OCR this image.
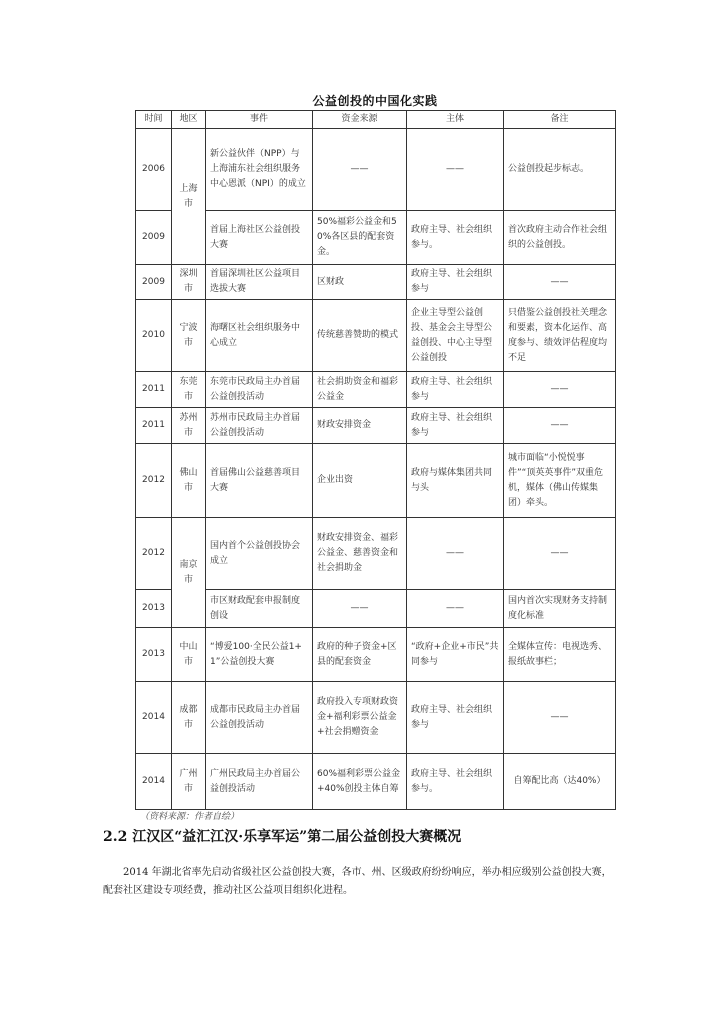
公益创投的中国化实践
时间	地区	事件	资金来源	主体	备注
2006	上海市	新公益伙伴（NPP）与上海浦东社会组织服务中心恩派（NPI）的成立	——	——	公益创投起步标志。
2009		首届上海社区公益创投大赛	50%福彩公益金和50%各区县的配套资金。	政府主导、社会组织参与。	首次政府主动合作社会组织的公益创投。
2009	深圳市	首届深圳社区公益项目选拔大赛	区财政	政府主导、社会组织参与	——
2010	宁波市	海曙区社会组织服务中心成立	传统慈善赞助的模式	企业主导型公益创投、基金会主导型公益创投、中心主导型公益创投	只借鉴公益创投社关理念和要素，资本化运作、高度参与、绩效评估程度均不足
2011	东莞市	东莞市民政局主办首届公益创投活动	社会捐助资金和福彩公益金	政府主导、社会组织参与	——
2011	苏州市	苏州市民政局主办首届公益创投活动	财政安排资金	政府主导、社会组织参与	——
2012	佛山市	首届佛山公益慈善项目大赛	企业出资	政府与媒体集团共同与头	城市面临“小悦悦事件”“顶英英事件”双重危机，媒体（佛山传媒集团）牵头。
2012	南京市	国内首个公益创投协会成立	财政安排资金、福彩公益金、慈善资金和社会捐助金	——	——
2013		市区财政配套申报制度创设	——	——	国内首次实现财务支持制度化标准
2013	中山市	“博爱100·全民公益1+1”公益创投大赛	政府的种子资金+区县的配套资金	“政府+企业+市民”共同参与	全媒体宣传：电视选秀、报纸故事栏；
2014	成都市	成都市民政局主办首届公益创投活动	政府投入专项财政资金+福利彩票公益金+社会捐赠资金	政府主导、社会组织参与	——
2014	广州市	广州民政局主办首届公益创投活动	60%福利彩票公益金+40%创投主体自筹	政府主导、社会组织参与。	自筹配比高（达40%）
（资料来源：作者自绘）
2.2 江汉区“益汇江汉·乐享军运”第二届公益创投大赛概况

2014 年湖北省率先启动省级社区公益创投大赛，各市、州、区级政府纷纷响应，举办相应级别公益创投大赛，配套社区建设专项经费，推动社区公益项目组织化进程。
